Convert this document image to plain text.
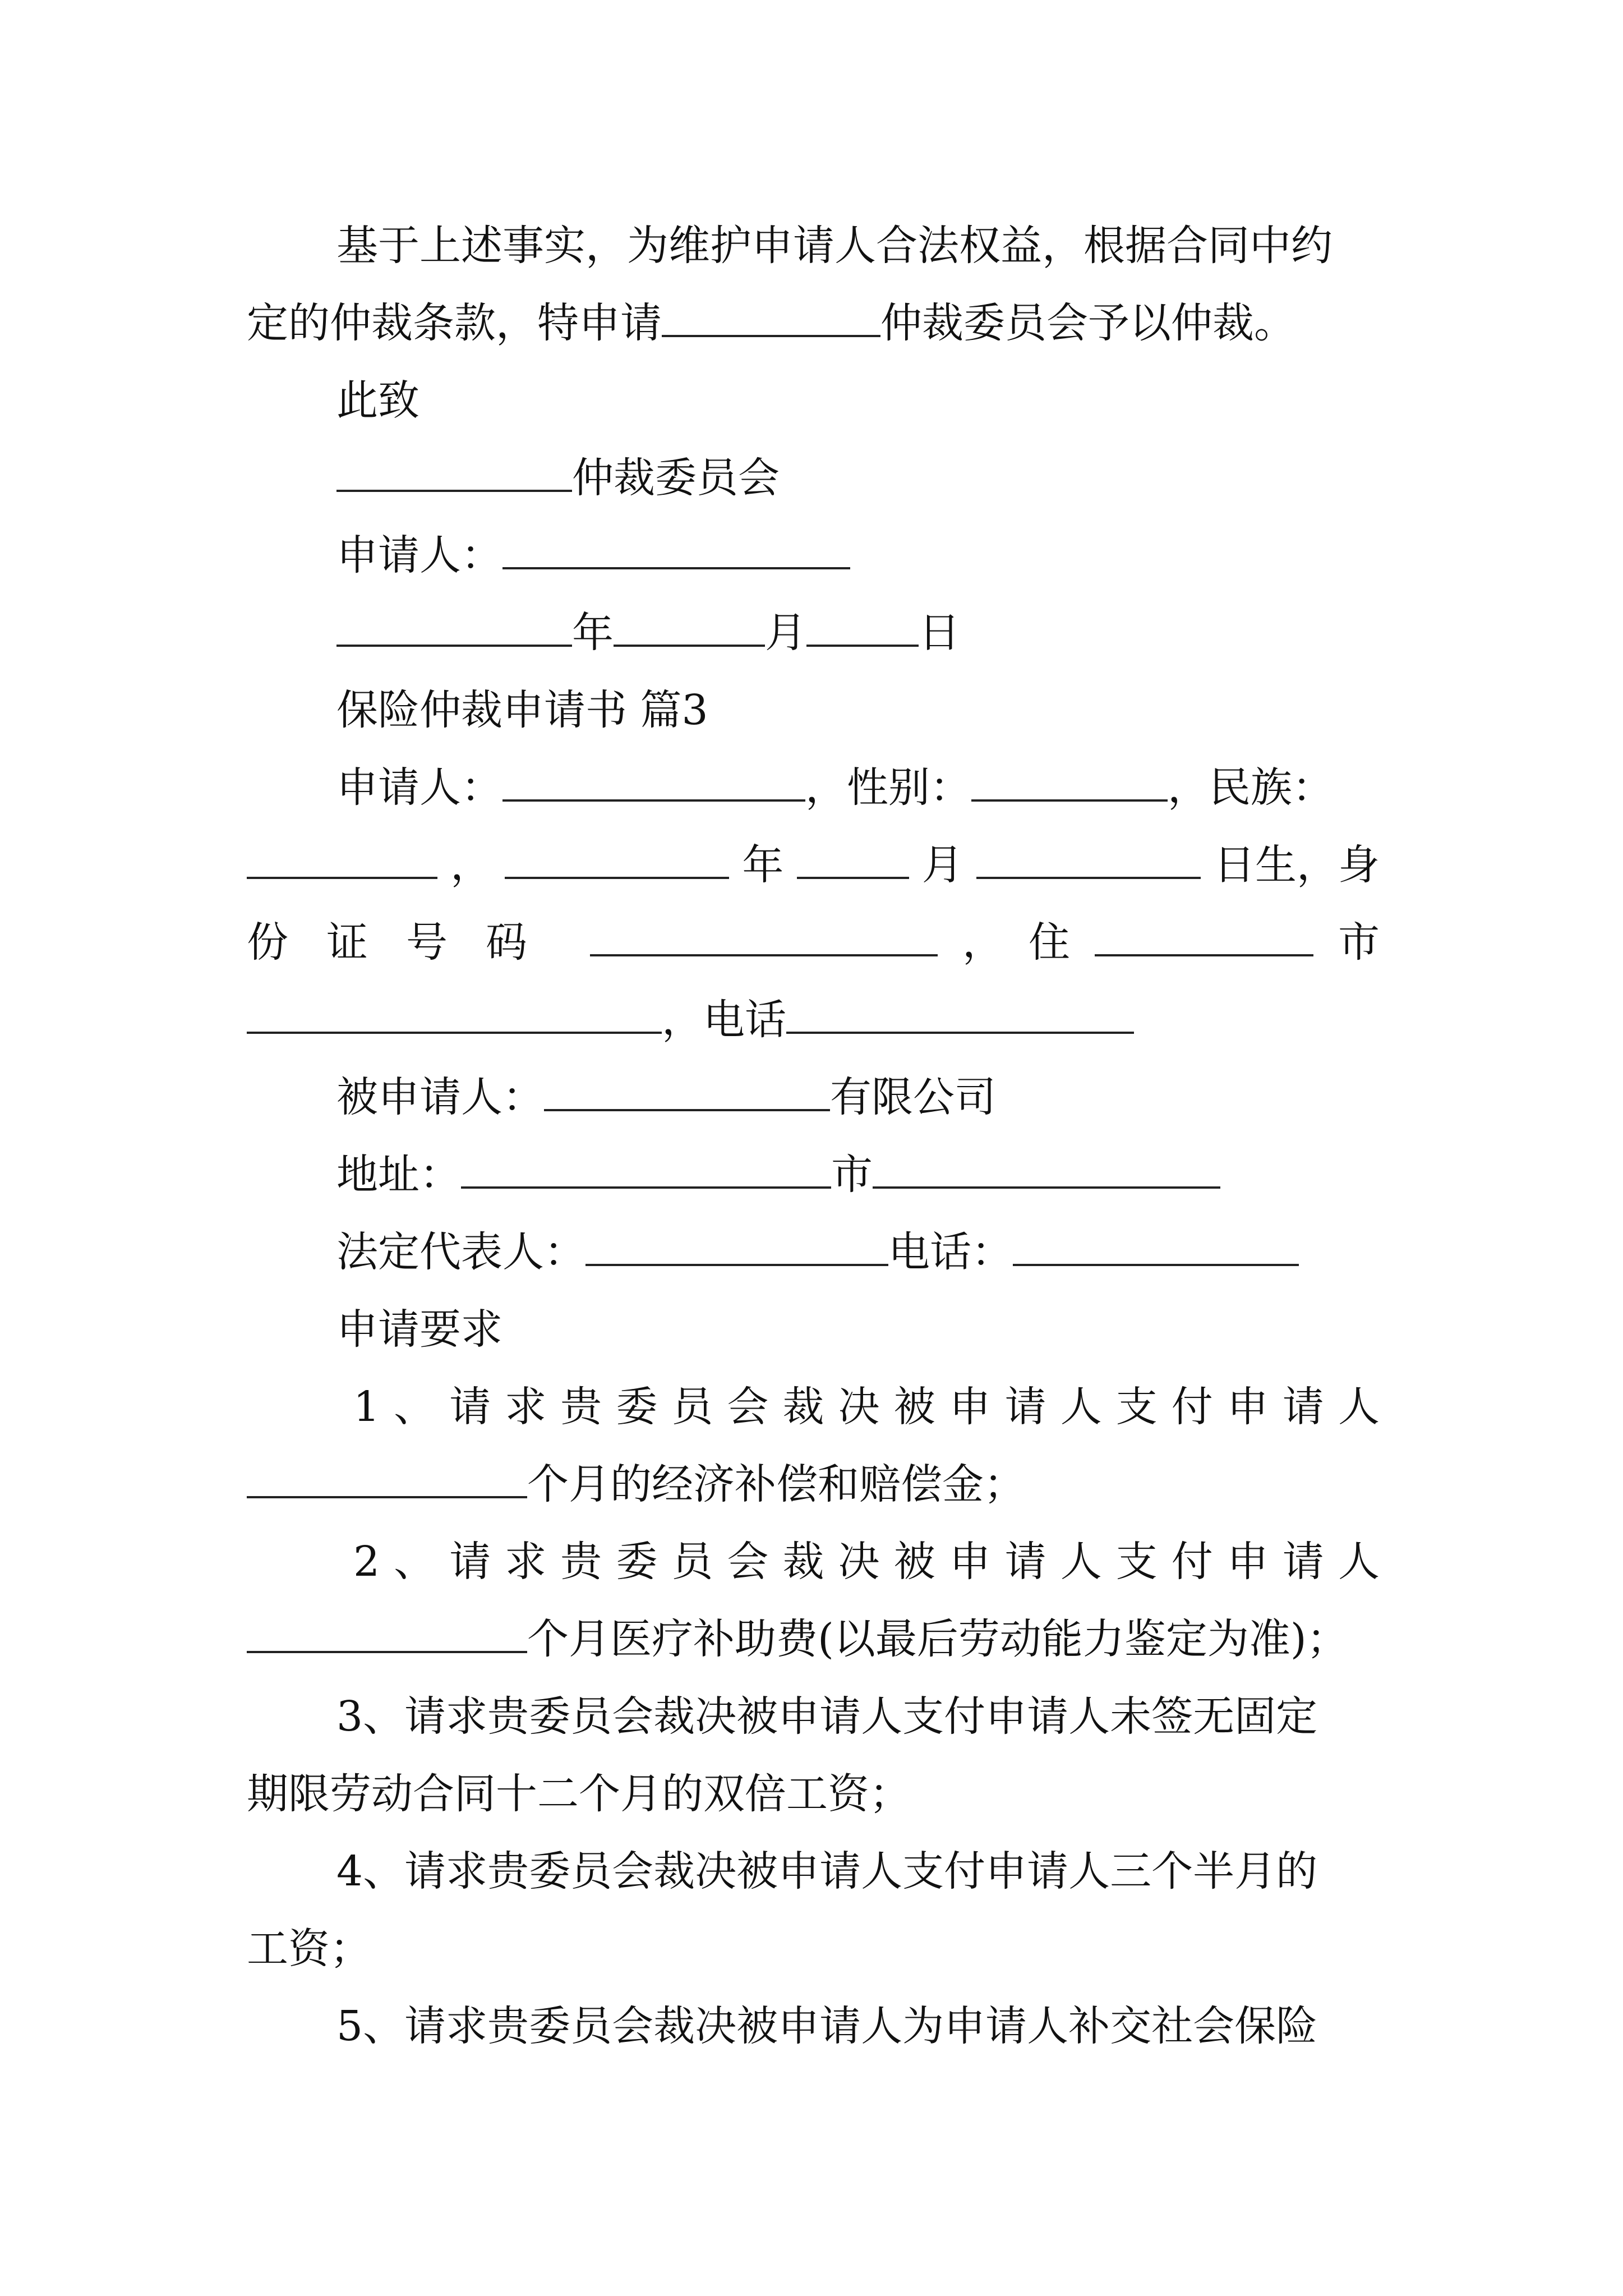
基于上述事实，为维护申请人合法权益，根据合同中约
定的仲裁条款，特申请	仲裁委员会予以仲裁。
此致
仲裁委员会
申请人：
年	月	日
保险仲裁申请书 篇3
申请人：	，性别：	，民族：
，	年	月	日生，身
份证号码	， 住	市
，电话
被申请人：	有限公司
地址：	市
法定代表人：	电话：
申请要求
1 、 请 求 贵 委 员 会 裁 决 被 申 请 人 支 付 申 请 人
个月的经济补偿和赔偿金；
2 、 请 求 贵 委 员 会 裁 决 被 申 请 人 支 付 申 请 人
个月医疗补助费(以最后劳动能力鉴定为准)；
3、请求贵委员会裁决被申请人支付申请人未签无固定
期限劳动合同十二个月的双倍工资；
4、请求贵委员会裁决被申请人支付申请人三个半月的
工资；
5、请求贵委员会裁决被申请人为申请人补交社会保险
